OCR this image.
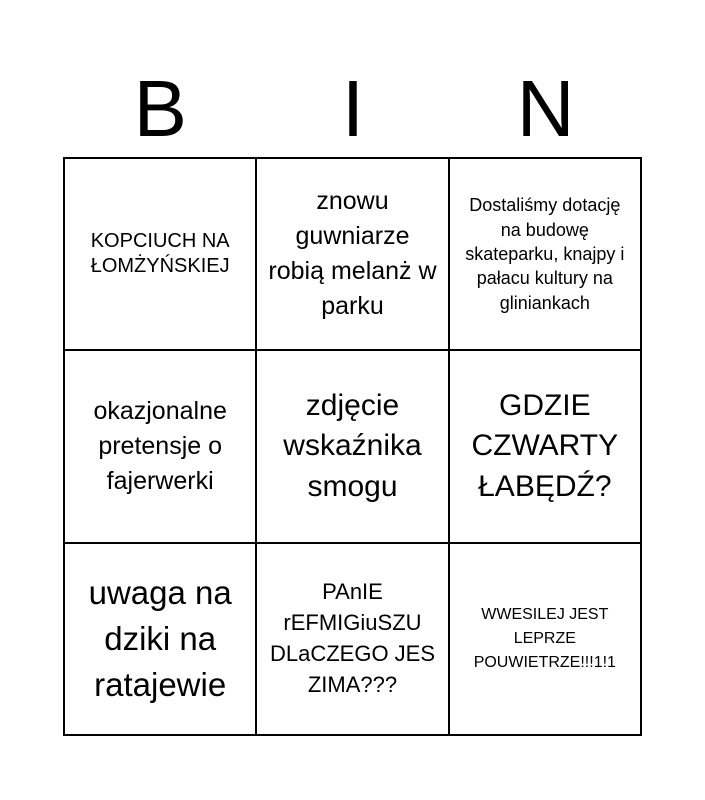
B	I	N
KOPCIUCH NA ŁOMŻYŃSKIEJ
znowu guwniarze robią melanż w parku
Dostaliśmy dotację na budowę skateparku, knajpy i pałacu kultury na gliniankach
okazjonalne pretensje o fajerwerki
zdjęcie wskaźnika smogu
GDZIE CZWARTY ŁABĘDŹ?
uwaga na dziki na ratajewie
PAnIE rEFMIGiuSZU DLaCZEGO JES ZIMA???
WWESILEJ JEST LEPRZE POUWIETRZE!!!1!1
